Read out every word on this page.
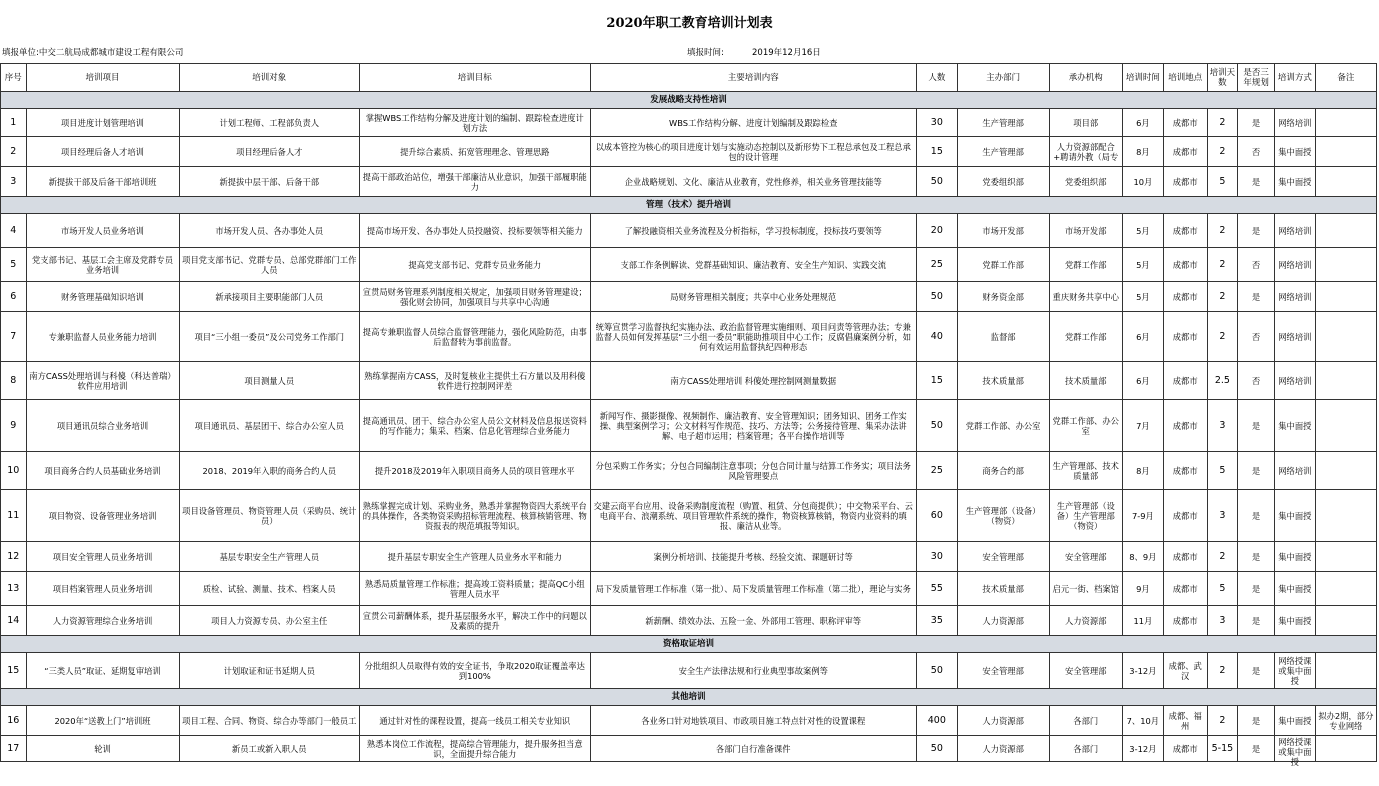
2020年职工教育培训计划表
填报单位:中交二航局成都城市建设工程有限公司	填报时间:	2019年12月16日
序号	培训项目	培训对象	培训目标	主要培训内容	人数	主办部门	承办机构	培训时间	培训地点	培训天数	是否三年规划	培训方式	备注
发展战略支持性培训													

1	项目进度计划管理培训	计划工程师、工程部负责人	掌握WBS工作结构分解及进度计划的编制、跟踪检查进度计划方法	WBS工作结构分解、进度计划编制及跟踪检查	30	生产管理部	项目部	6月	成都市	2	是	网络培训	

2	项目经理后备人才培训	项目经理后备人才	提升综合素质、拓宽管理理念、管理思路	以成本管控为核心的项目进度计划与实施动态控制以及新形势下工程总承包及工程总承包的设计管理	15	生产管理部	人力资源部配合+聘请外教（局专	8月	成都市	2	否	集中面授	

3	新提拔干部及后备干部培训班	新提拔中层干部、后备干部	提高干部政治站位，增强干部廉洁从业意识，加强干部履职能力	企业战略规划、文化、廉洁从业教育，党性修养，相关业务管理技能等	50	党委组织部	党委组织部	10月	成都市	5	是	集中面授	

管理（技术）提升培训													

4	市场开发人员业务培训	市场开发人员、各办事处人员	提高市场开发、各办事处人员投融资、投标要领等相关能力	了解投融资相关业务流程及分析指标，学习投标制度，投标技巧要领等	20	市场开发部	市场开发部	5月	成都市	2	是	网络培训	

5	党支部书记、基层工会主席及党群专员业务培训	项目党支部书记、党群专员、总部党群部门工作人员	提高党支部书记、党群专员业务能力	支部工作条例解读、党群基础知识、廉洁教育、安全生产知识、实践交流	25	党群工作部	党群工作部	5月	成都市	2	否	网络培训	

6	财务管理基础知识培训	新承接项目主要职能部门人员	宣贯局财务管理系列制度相关规定，加强项目财务管理建设；强化财会协同，加强项目与共享中心沟通	局财务管理相关制度；共享中心业务处理规范	50	财务资金部	重庆财务共享中心	5月	成都市	2	是	网络培训	

7	专兼职监督人员业务能力培训	项目“三小组一委员”及公司党务工作部门	提高专兼职监督人员综合监督管理能力，强化风险防范，由事后监督转为事前监督。	统筹宣贯学习监督执纪实施办法、政治监督管理实施细则、项目问责等管理办法；专兼监督人员如何发挥基层“三小组一委员”职能助推项目中心工作；反腐倡廉案例分析，如何有效运用监督执纪四种形态	40	监督部	党群工作部	6月	成都市	2	否	网络培训	

8	南方CASS处理培训与科傻（科达普瑞）软件应用培训	项目测量人员	熟练掌握南方CASS，及时复核业主提供土石方量以及用科傻软件进行控制网评差	南方CASS处理培训 科傻处理控制网测量数据	15	技术质量部	技术质量部	6月	成都市	2.5	否	网络培训	

9	项目通讯员综合业务培训	项目通讯员、基层团干、综合办公室人员	提高通讯员、团干、综合办公室人员公文材料及信息报送资料的写作能力；集采、档案、信息化管理综合业务能力	新闻写作、摄影摄像、视频制作、廉洁教育、安全管理知识；团务知识、团务工作实操、典型案例学习；公文材料写作规范、技巧、方法等；公务接待管理、集采办法讲解、电子超市运用；档案管理；各平台操作培训等	50	党群工作部、办公室	党群工作部、办公室	7月	成都市	3	是	集中面授	

10	项目商务合约人员基础业务培训	2018、2019年入职的商务合约人员	提升2018及2019年入职项目商务人员的项目管理水平	分包采购工作务实；分包合同编制注意事项；分包合同计量与结算工作务实；项目法务风险管理要点	25	商务合约部	生产管理部、技术质量部	8月	成都市	5	是	网络培训	

11	项目物资、设备管理业务培训	项目设备管理员、物资管理人员（采购员、统计员）	熟练掌握完成计划、采购业务，熟悉并掌握物资四大系统平台的具体操作，各类物资采购招标管理流程、核算核销管理、物资报表的规范填报等知识。	交建云商平台应用、设备采购制度流程（购置、租赁、分包商提供）；中交物采平台、云电商平台、浪潮系统、项目管理软件系统的操作，物资核算核销，物资内业资料的填报、廉洁从业等。	60	生产管理部（设备）（物资）	生产管理部（设备）生产管理部（物资）	7-9月	成都市	3	是	集中面授	

12	项目安全管理人员业务培训	基层专职安全生产管理人员	提升基层专职安全生产管理人员业务水平和能力	案例分析培训、技能提升考核、经验交流、课题研讨等	30	安全管理部	安全管理部	8、9月	成都市	2	是	集中面授	

13	项目档案管理人员业务培训	质检、试验、测量、技术、档案人员	熟悉局质量管理工作标准；提高竣工资料质量；提高QC小组管理人员水平	局下发质量管理工作标准（第一批）、局下发质量管理工作标准（第二批），理论与实务	55	技术质量部	启元一街、档案馆	9月	成都市	5	是	集中面授	

14	人力资源管理综合业务培训	项目人力资源专员、办公室主任	宣贯公司薪酬体系，提升基层服务水平，解决工作中的问题以及素质的提升	新薪酬、绩效办法、五险一金、外部用工管理、职称评审等	35	人力资源部	人力资源部	11月	成都市	3	是	集中面授	

资格取证培训													

15	“三类人员”取证、延期复审培训	计划取证和证书延期人员	分批组织人员取得有效的安全证书，争取2020取证覆盖率达到100%	安全生产法律法规和行业典型事故案例等	50	安全管理部	安全管理部	3-12月	成都、武汉	2	是	网络授课或集中面授	

其他培训													

16	2020年“送教上门”培训班	项目工程、合同、物资、综合办等部门一般员工	通过针对性的课程设置，提高一线员工相关专业知识	各业务口针对地铁项目、市政项目施工特点针对性的设置课程	400	人力资源部	各部门	7、10月	成都、福州	2	是	集中面授	拟办2期，部分专业网络

17	轮训	新员工或新入职人员	熟悉本岗位工作流程，提高综合管理能力，提升服务担当意识，全面提升综合能力	各部门自行准备课件	50	人力资源部	各部门	3-12月	成都市	5-15	是	网络授课或集中面授	
